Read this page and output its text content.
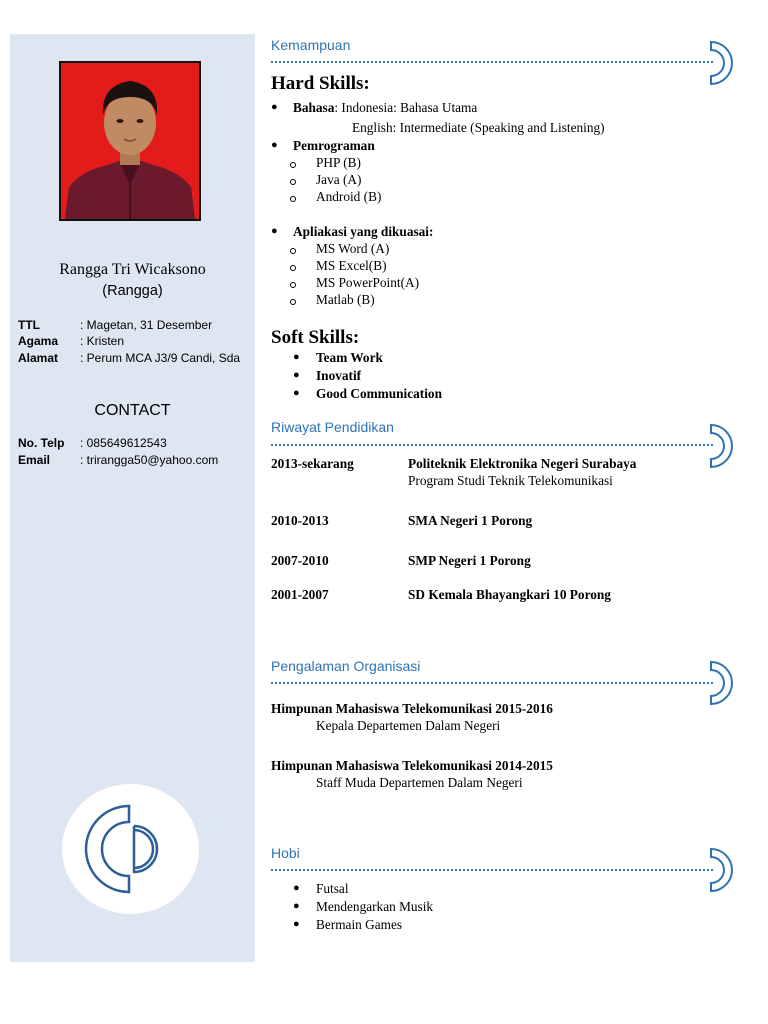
Rangga Tri Wicaksono
(Rangga)
TTL	: Magetan, 31 Desember
Agama : Kristen
Alamat : Perum MCA J3/9 Candi, Sda
CONTACT
No. Telp : 085649612543
Email : trirangga50@yahoo.com
Kemampuan
Hard Skills:
● Bahasa: Indonesia: Bahasa Utama
English: Intermediate (Speaking and Listening)
● Pemrograman
PHP (B)
Java (A)
Android (B)
● Apliakasi yang dikuasai:
MS Word (A)
MS Excel(B)
MS PowerPoint(A)
Matlab (B)
Soft Skills:
● Team Work
● Inovatif
● Good Communication
Riwayat Pendidikan
2013-sekarang	Politeknik Elektronika Negeri Surabaya
Program Studi Teknik Telekomunikasi
2010-2013	SMA Negeri 1 Porong
2007-2010	SMP Negeri 1 Porong
2001-2007	SD Kemala Bhayangkari 10 Porong
Pengalaman Organisasi
Himpunan Mahasiswa Telekomunikasi 2015-2016
Kepala Departemen Dalam Negeri
Himpunan Mahasiswa Telekomunikasi 2014-2015
Staff Muda Departemen Dalam Negeri
Hobi
● Futsal
● Mendengarkan Musik
● Bermain Games
